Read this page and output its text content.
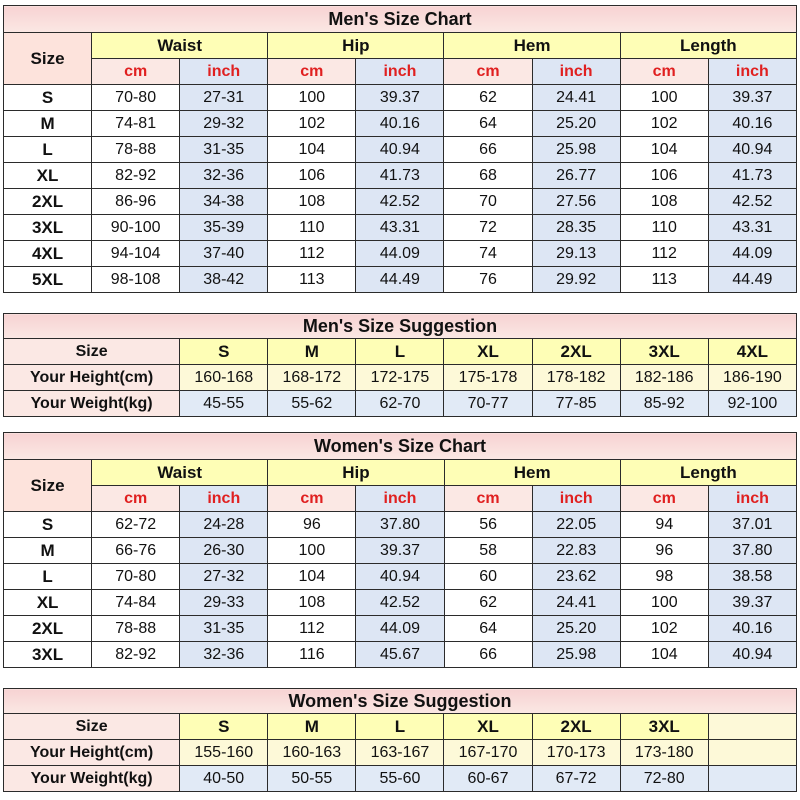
Men's Size Chart								
Size	Waist		Hip		Hem		Length	
	cm	inch	cm	inch	cm	inch	cm	inch
S	70-80	27-31	100	39.37	62	24.41	100	39.37
M	74-81	29-32	102	40.16	64	25.20	102	40.16
L	78-88	31-35	104	40.94	66	25.98	104	40.94
XL	82-92	32-36	106	41.73	68	26.77	106	41.73
2XL	86-96	34-38	108	42.52	70	27.56	108	42.52
3XL	90-100	35-39	110	43.31	72	28.35	110	43.31
4XL	94-104	37-40	112	44.09	74	29.13	112	44.09
5XL	98-108	38-42	113	44.49	76	29.92	113	44.49
Men's Size Suggestion							
Size	S	M	L	XL	2XL	3XL	4XL
Your Height(cm)	160-168	168-172	172-175	175-178	178-182	182-186	186-190
Your Weight(kg)	45-55	55-62	62-70	70-77	77-85	85-92	92-100
Women's Size Chart								
Size	Waist		Hip		Hem		Length	
	cm	inch	cm	inch	cm	inch	cm	inch
S	62-72	24-28	96	37.80	56	22.05	94	37.01
M	66-76	26-30	100	39.37	58	22.83	96	37.80
L	70-80	27-32	104	40.94	60	23.62	98	38.58
XL	74-84	29-33	108	42.52	62	24.41	100	39.37
2XL	78-88	31-35	112	44.09	64	25.20	102	40.16
3XL	82-92	32-36	116	45.67	66	25.98	104	40.94
Women's Size Suggestion							
Size	S	M	L	XL	2XL	3XL	
Your Height(cm)	155-160	160-163	163-167	167-170	170-173	173-180	
Your Weight(kg)	40-50	50-55	55-60	60-67	67-72	72-80	
